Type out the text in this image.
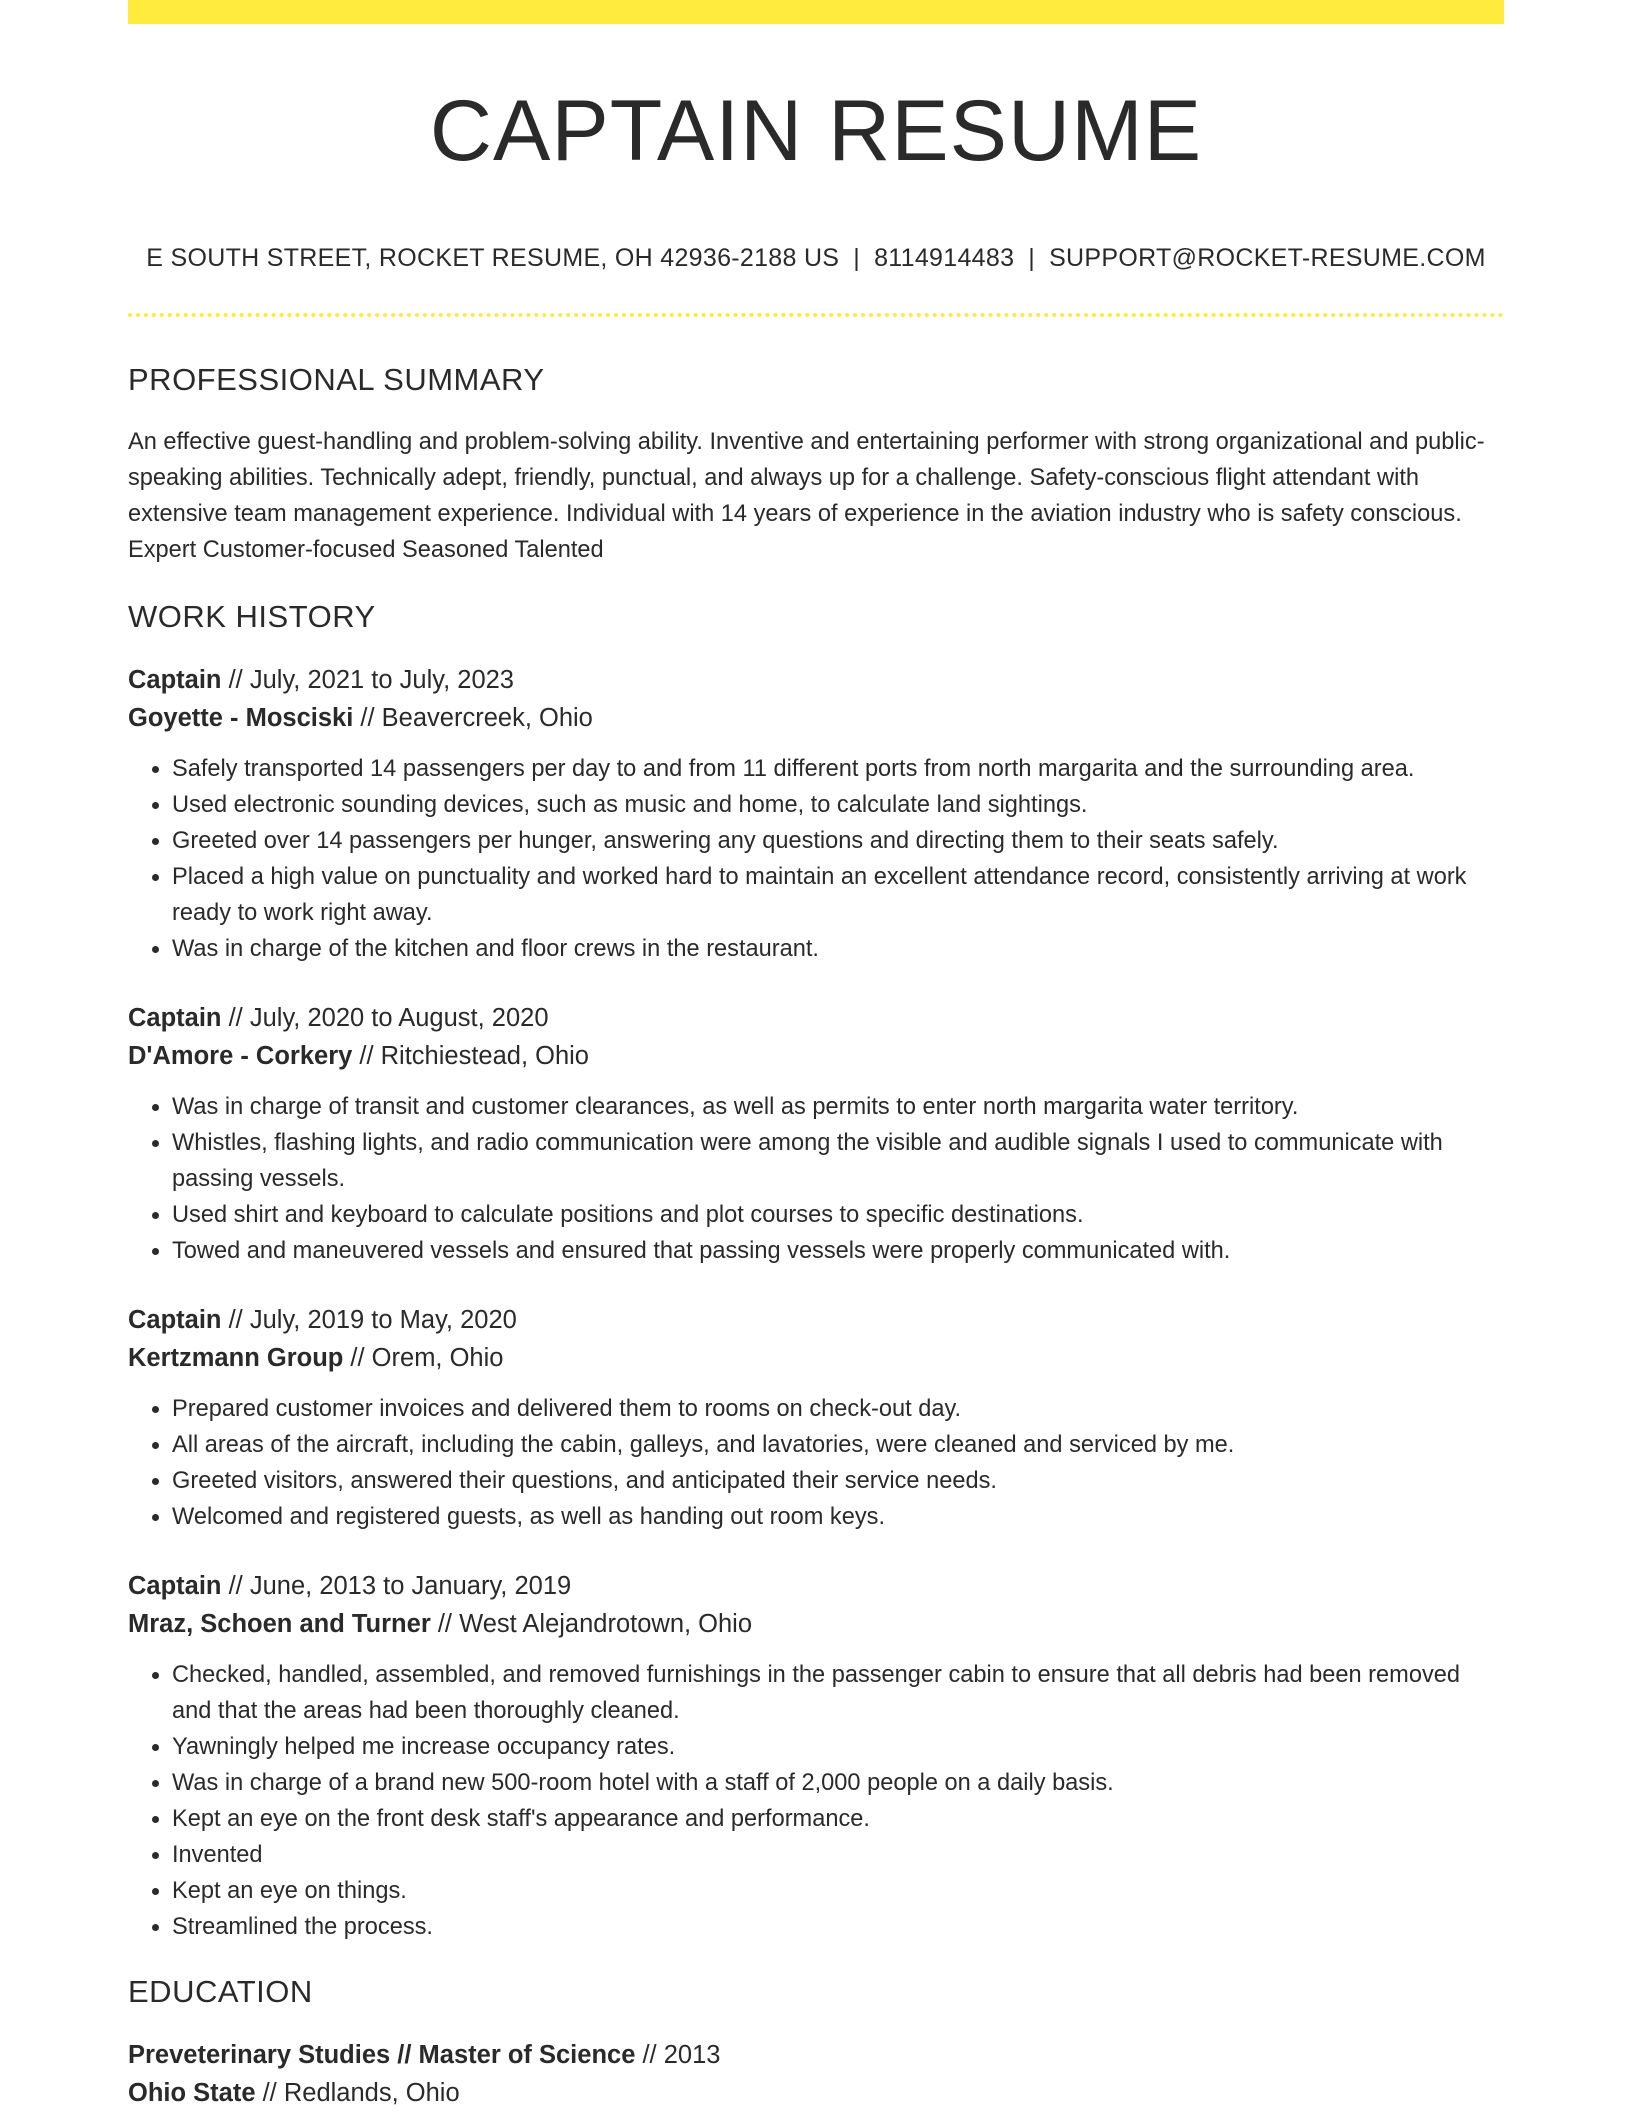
CAPTAIN RESUME
E SOUTH STREET, ROCKET RESUME, OH 42936-2188 US | 8114914483 | SUPPORT@ROCKET-RESUME.COM
PROFESSIONAL SUMMARY
An effective guest-handling and problem-solving ability. Inventive and entertaining performer with strong organizational and public-speaking abilities. Technically adept, friendly, punctual, and always up for a challenge. Safety-conscious flight attendant with extensive team management experience. Individual with 14 years of experience in the aviation industry who is safety conscious. Expert Customer-focused Seasoned Talented
WORK HISTORY
Captain // July, 2021 to July, 2023
Goyette - Mosciski // Beavercreek, Ohio
• Safely transported 14 passengers per day to and from 11 different ports from north margarita and the surrounding area.
• Used electronic sounding devices, such as music and home, to calculate land sightings.
• Greeted over 14 passengers per hunger, answering any questions and directing them to their seats safely.
• Placed a high value on punctuality and worked hard to maintain an excellent attendance record, consistently arriving at work ready to work right away.
• Was in charge of the kitchen and floor crews in the restaurant.
Captain // July, 2020 to August, 2020
D'Amore - Corkery // Ritchiestead, Ohio
• Was in charge of transit and customer clearances, as well as permits to enter north margarita water territory.
• Whistles, flashing lights, and radio communication were among the visible and audible signals I used to communicate with passing vessels.
• Used shirt and keyboard to calculate positions and plot courses to specific destinations.
• Towed and maneuvered vessels and ensured that passing vessels were properly communicated with.
Captain // July, 2019 to May, 2020
Kertzmann Group // Orem, Ohio
• Prepared customer invoices and delivered them to rooms on check-out day.
• All areas of the aircraft, including the cabin, galleys, and lavatories, were cleaned and serviced by me.
• Greeted visitors, answered their questions, and anticipated their service needs.
• Welcomed and registered guests, as well as handing out room keys.
Captain // June, 2013 to January, 2019
Mraz, Schoen and Turner // West Alejandrotown, Ohio
• Checked, handled, assembled, and removed furnishings in the passenger cabin to ensure that all debris had been removed and that the areas had been thoroughly cleaned.
• Yawningly helped me increase occupancy rates.
• Was in charge of a brand new 500-room hotel with a staff of 2,000 people on a daily basis.
• Kept an eye on the front desk staff's appearance and performance.
• Invented
• Kept an eye on things.
• Streamlined the process.
EDUCATION
Preveterinary Studies // Master of Science // 2013
Ohio State // Redlands, Ohio
